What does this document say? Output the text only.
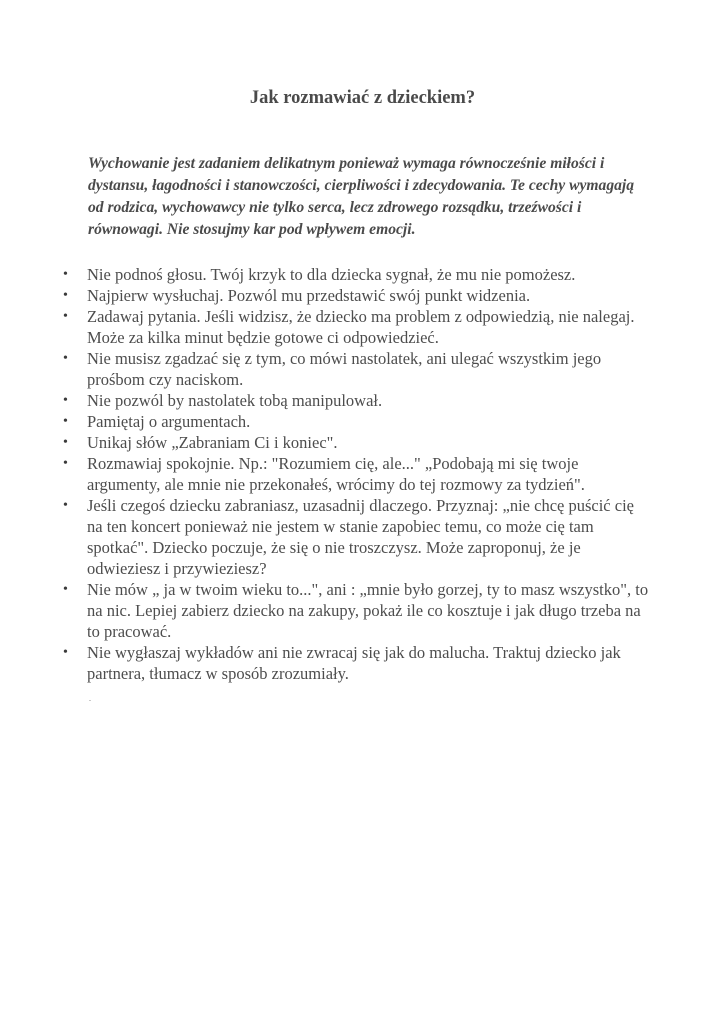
Jak rozmawiać z dzieckiem?

Wychowanie jest zadaniem delikatnym ponieważ wymaga równocześnie miłości i dystansu, łagodności i stanowczości, cierpliwości i zdecydowania. Te cechy wymagają od rodzica, wychowawcy nie tylko serca, lecz zdrowego rozsądku, trzeźwości i równowagi. Nie stosujmy kar pod wpływem emocji.

•	Nie podnoś głosu. Twój krzyk to dla dziecka sygnał, że mu nie pomożesz.
•	Najpierw wysłuchaj. Pozwól mu przedstawić swój punkt widzenia.
•	Zadawaj pytania. Jeśli widzisz, że dziecko ma problem z odpowiedzią, nie nalegaj. Może za kilka minut będzie gotowe ci odpowiedzieć.
•	Nie musisz zgadzać się z tym, co mówi nastolatek, ani ulegać wszystkim jego prośbom czy naciskom.
•	Nie pozwól by nastolatek tobą manipulował.
•	Pamiętaj o argumentach.
•	Unikaj słów „Zabraniam Ci i koniec".
•	Rozmawiaj spokojnie. Np.: "Rozumiem cię, ale..." „Podobają mi się twoje argumenty, ale mnie nie przekonałeś, wrócimy do tej rozmowy za tydzień".
•	Jeśli czegoś dziecku zabraniasz, uzasadnij dlaczego. Przyznaj: „nie chcę puścić cię na ten koncert ponieważ nie jestem w stanie zapobiec temu, co może cię tam spotkać". Dziecko poczuje, że się o nie troszczysz. Może zaproponuj, że je odwieziesz i przywieziesz?
•	Nie mów „ ja w twoim wieku to...", ani : „mnie było gorzej, ty to masz wszystko", to na nic. Lepiej zabierz dziecko na zakupy, pokaż ile co kosztuje i jak długo trzeba na to pracować.
•	Nie wygłaszaj wykładów ani nie zwracaj się jak do malucha. Traktuj dziecko jak partnera, tłumacz w sposób zrozumiały.
.
